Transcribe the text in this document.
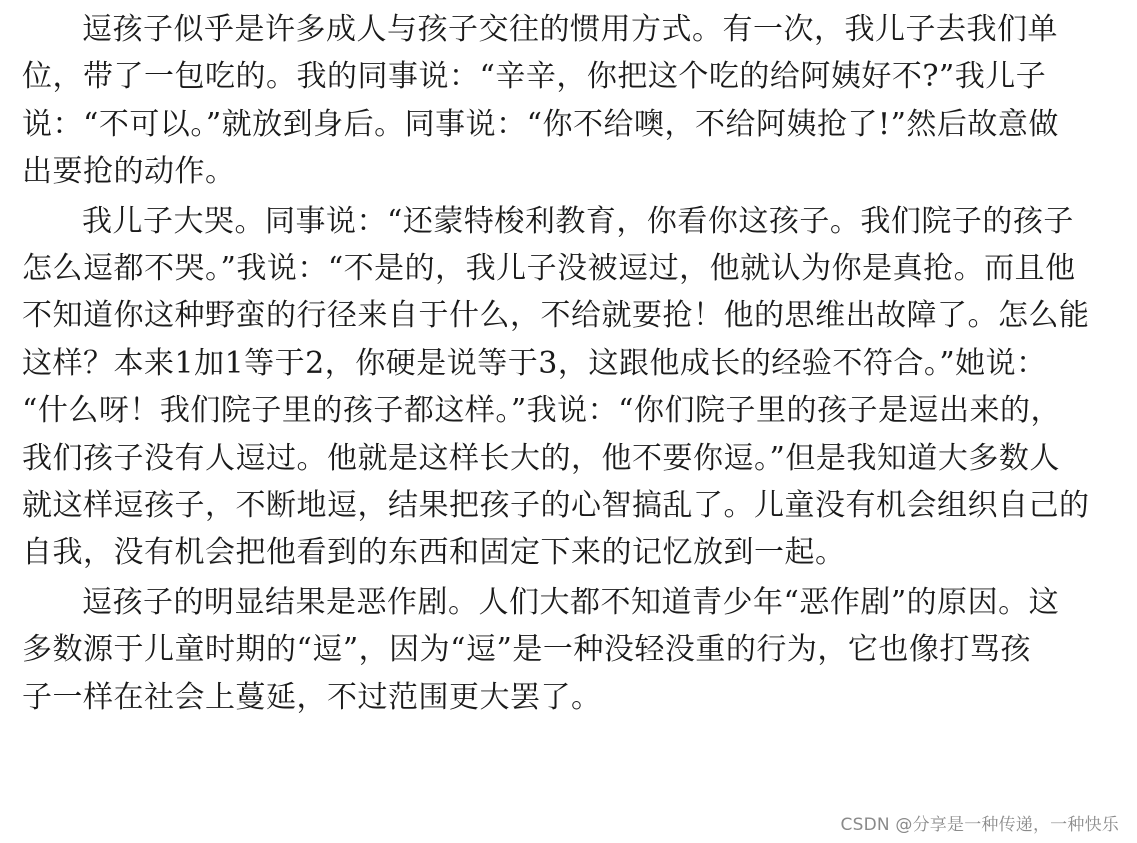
逗孩子似乎是许多成人与孩子交往的惯用方式。有一次，我儿子去我们单
位，带了一包吃的。我的同事说：“辛辛，你把这个吃的给阿姨好不?”我儿子
说：“不可以。”就放到身后。同事说：“你不给噢，不给阿姨抢了!”然后故意做
出要抢的动作。

我儿子大哭。同事说：“还蒙特梭利教育，你看你这孩子。我们院子的孩子
怎么逗都不哭。”我说：“不是的，我儿子没被逗过，他就认为你是真抢。而且他
不知道你这种野蛮的行径来自于什么，不给就要抢！他的思维出故障了。怎么能
这样？本来1加1等于2，你硬是说等于3，这跟他成长的经验不符合。”她说：
“什么呀！我们院子里的孩子都这样。”我说：“你们院子里的孩子是逗出来的，
我们孩子没有人逗过。他就是这样长大的，他不要你逗。”但是我知道大多数人
就这样逗孩子，不断地逗，结果把孩子的心智搞乱了。儿童没有机会组织自己的
自我，没有机会把他看到的东西和固定下来的记忆放到一起。

逗孩子的明显结果是恶作剧。人们大都不知道青少年“恶作剧”的原因。这
多数源于儿童时期的“逗”，因为“逗”是一种没轻没重的行为，它也像打骂孩
子一样在社会上蔓延，不过范围更大罢了。

CSDN @分享是一种传递，一种快乐
